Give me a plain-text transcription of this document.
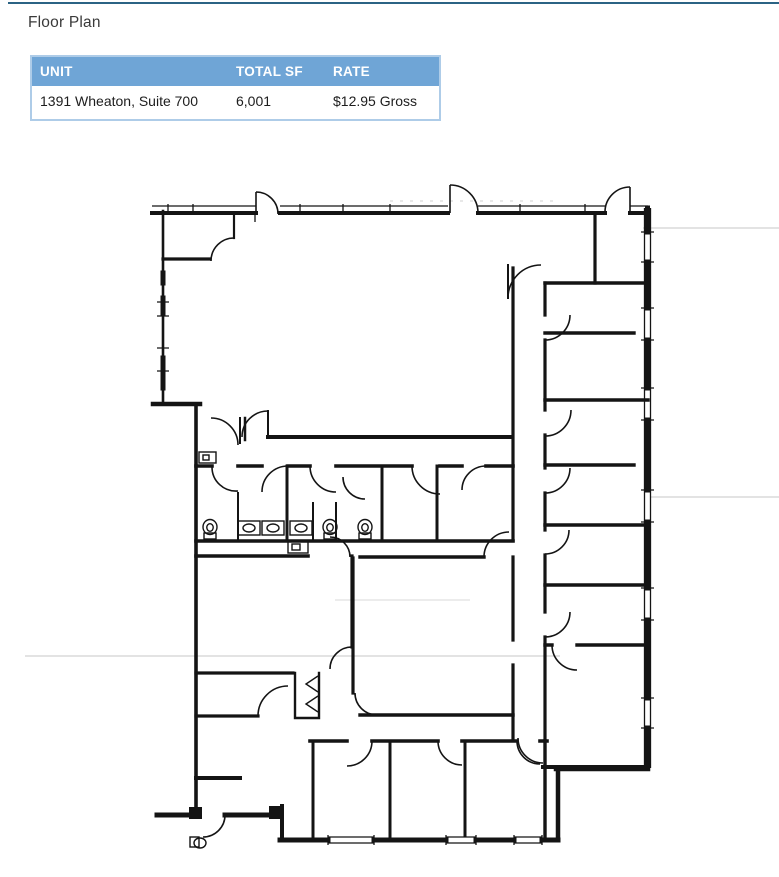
Floor Plan
UNIT	TOTAL SF	RATE
1391 Wheaton, Suite 700	6,001	$12.95 Gross
